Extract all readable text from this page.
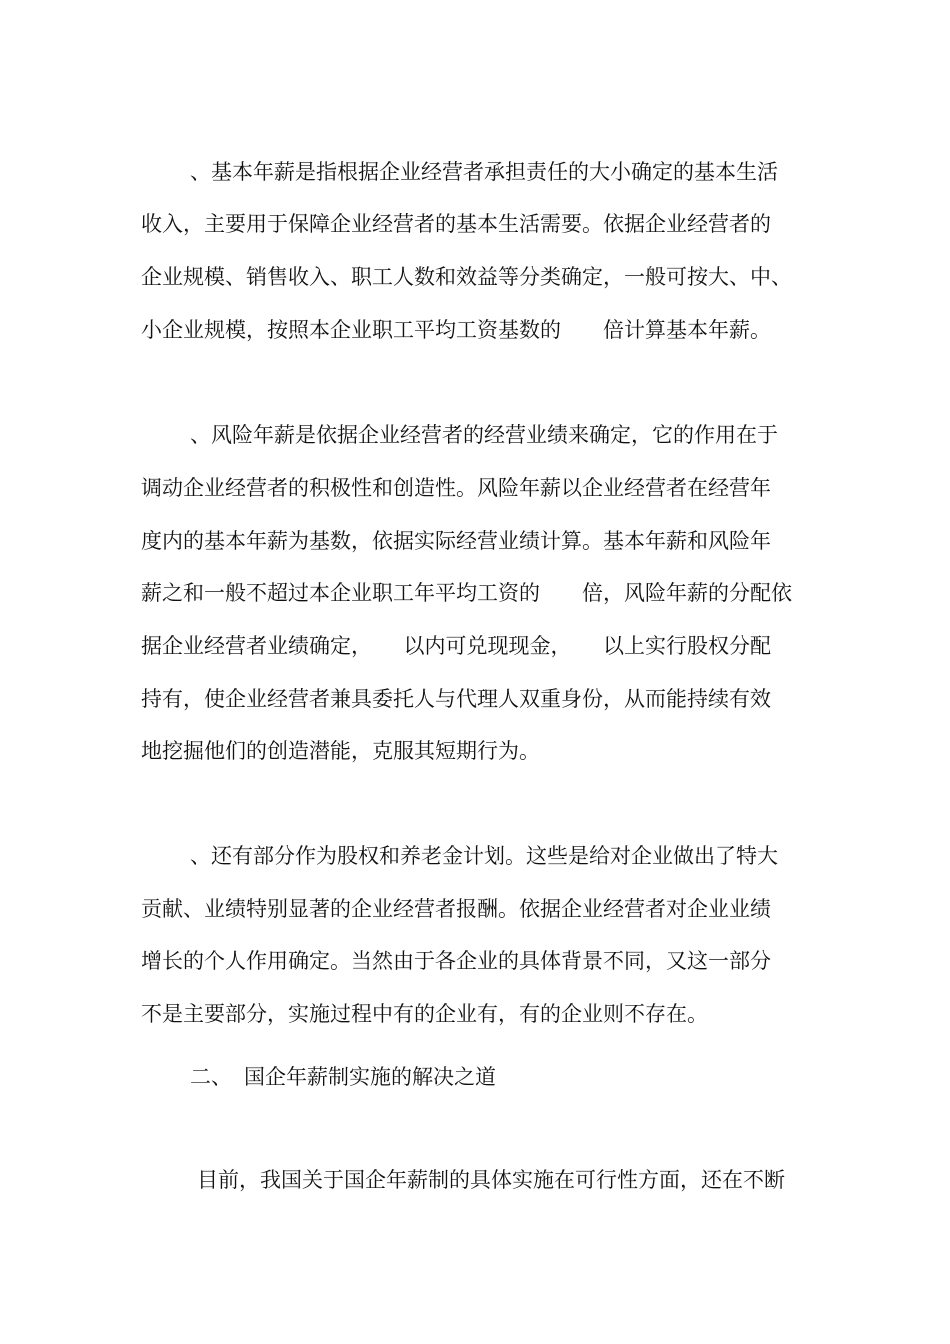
、基本年薪是指根据企业经营者承担责任的大小确定的基本生活

收入，主要用于保障企业经营者的基本生活需要。依据企业经营者的

企业规模、销售收入、职工人数和效益等分类确定，一般可按大、中、

小企业规模，按照本企业职工平均工资基数的　　倍计算基本年薪。

、风险年薪是依据企业经营者的经营业绩来确定，它的作用在于

调动企业经营者的积极性和创造性。风险年薪以企业经营者在经营年

度内的基本年薪为基数，依据实际经营业绩计算。基本年薪和风险年

薪之和一般不超过本企业职工年平均工资的　　倍，风险年薪的分配依

据企业经营者业绩确定，　　以内可兑现现金，　　以上实行股权分配

持有，使企业经营者兼具委托人与代理人双重身份，从而能持续有效

地挖掘他们的创造潜能，克服其短期行为。

、还有部分作为股权和养老金计划。这些是给对企业做出了特大

贡献、业绩特别显著的企业经营者报酬。依据企业经营者对企业业绩

增长的个人作用确定。当然由于各企业的具体背景不同，又这一部分

不是主要部分，实施过程中有的企业有，有的企业则不存在。

二、 国企年薪制实施的解决之道

目前，我国关于国企年薪制的具体实施在可行性方面，还在不断
